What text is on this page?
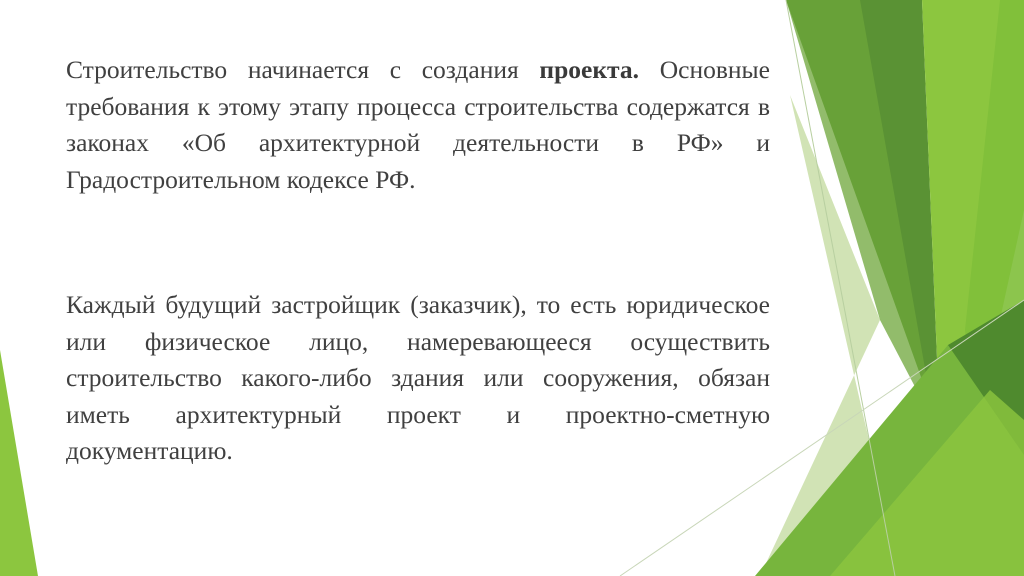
Строительство начинается с создания проекта. Основные требования к этому этапу процесса строительства содержатся в законах «Об архитектурной деятельности в РФ» и Градостроительном кодексе РФ.

Каждый будущий застройщик (заказчик), то есть юридическое или физическое лицо, намеревающееся осуществить строительство какого-либо здания или сооружения, обязан иметь архитектурный проект и проектно-сметную документацию.
